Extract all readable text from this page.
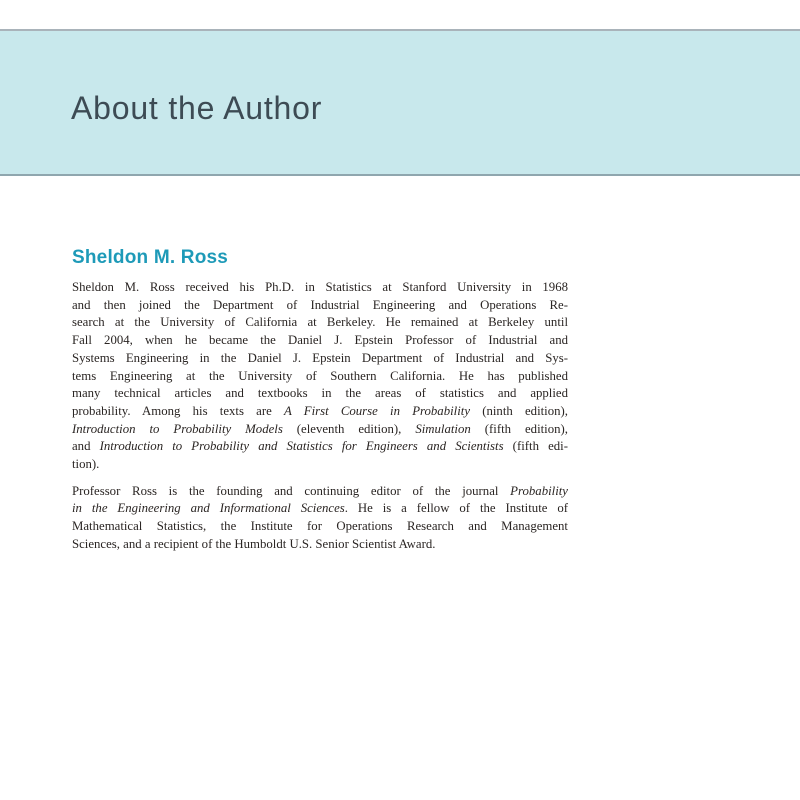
About the Author
Sheldon M. Ross
Sheldon M. Ross received his Ph.D. in Statistics at Stanford University in 1968
and then joined the Department of Industrial Engineering and Operations Re-
search at the University of California at Berkeley. He remained at Berkeley until
Fall 2004, when he became the Daniel J. Epstein Professor of Industrial and
Systems Engineering in the Daniel J. Epstein Department of Industrial and Sys-
tems Engineering at the University of Southern California. He has published
many technical articles and textbooks in the areas of statistics and applied
probability. Among his texts are A First Course in Probability (ninth edition),
Introduction to Probability Models (eleventh edition), Simulation (fifth edition),
and Introduction to Probability and Statistics for Engineers and Scientists (fifth edi-
tion).
Professor Ross is the founding and continuing editor of the journal Probability
in the Engineering and Informational Sciences. He is a fellow of the Institute of
Mathematical Statistics, the Institute for Operations Research and Management
Sciences, and a recipient of the Humboldt U.S. Senior Scientist Award.
